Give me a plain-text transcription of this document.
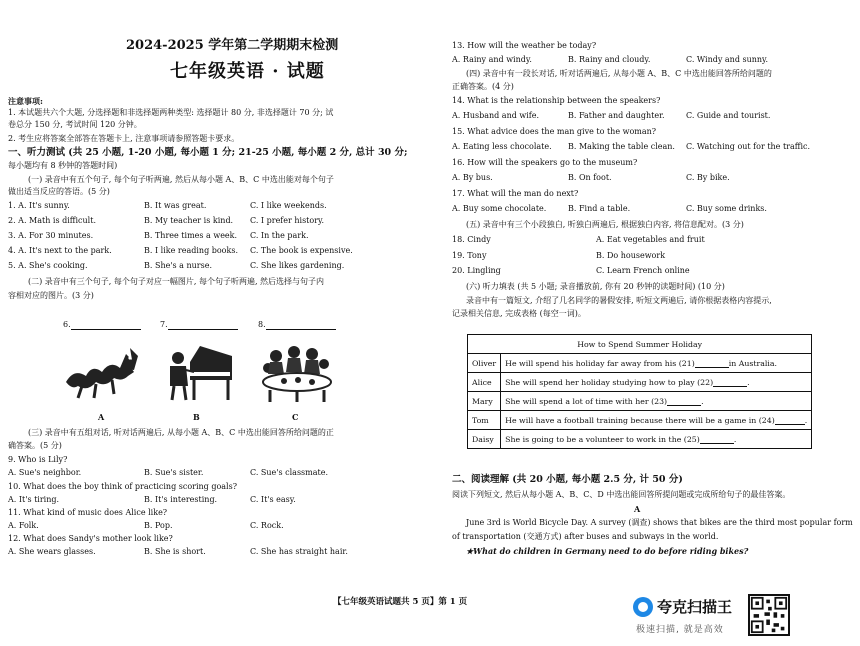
2024-2025 学年第二学期期末检测
七年级英语 · 试题
注意事项:
1. 本试题共六个大题, 分选择题和非选择题两种类型: 选择题计 80 分, 非选择题计 70 分; 试
卷总分 150 分, 考试时间 120 分钟。
2. 考生应将答案全部答在答题卡上, 注意事项请参照答题卡要求。
一、听力测试 (共 25 小题, 1-20 小题, 每小题 1 分; 21-25 小题, 每小题 2 分, 总计 30 分;
每小题均有 8 秒钟的答题时间)
(一) 录音中有五个句子, 每个句子听两遍, 然后从每小题 A、B、C 中选出能对每个句子
做出适当反应的答语。(5 分)
1. A. It's sunny.	B. It was great.	C. I like weekends.
2. A. Math is difficult.	B. My teacher is kind. C. I prefer history.
3. A. For 30 minutes.	B. Three times a week. C. In the park.
4. A. It's next to the park.	B. I like reading books. C. The book is expensive.
5. A. She's cooking.	B. She's a nurse.	C. She likes gardening.
(二) 录音中有三个句子, 每个句子对应一幅图片, 每个句子听两遍, 然后选择与句子内
容相对应的图片。(3 分)
6.	7.	8.
A	B	C
(三) 录音中有五组对话, 听对话两遍后, 从每小题 A、B、C 中选出能回答所给问题的正
确答案。(5 分)
9. Who is Lily?
A. Sue's neighbor.	B. Sue's sister.	C. Sue's classmate.
10. What does the boy think of practicing scoring goals?
A. It's tiring.	B. It's interesting.	C. It's easy.
11. What kind of music does Alice like?
A. Folk.	B. Pop.	C. Rock.
12. What does Sandy's mother look like?
A. She wears glasses.	B. She is short.	C. She has straight hair.
13. How will the weather be today?
A. Rainy and windy.	B. Rainy and cloudy.	C. Windy and sunny.
(四) 录音中有一段长对话, 听对话两遍后, 从每小题 A、B、C 中选出能回答所给问题的
正确答案。(4 分)
14. What is the relationship between the speakers?
A. Husband and wife.	B. Father and daughter.	C. Guide and tourist.
15. What advice does the man give to the woman?
A. Eating less chocolate. B. Making the table clean. C. Watching out for the traffic.
16. How will the speakers go to the museum?
A. By bus.	B. On foot.	C. By bike.
17. What will the man do next?
A. Buy some chocolate.	B. Find a table.	C. Buy some drinks.
(五) 录音中有三个小段独白, 听独白两遍后, 根据独白内容, 将信息配对。(3 分)
18. Cindy	A. Eat vegetables and fruit
19. Tony	B. Do housework
20. Lingling	C. Learn French online
(六) 听力填表 (共 5 小题; 录音播放前, 你有 20 秒钟的读题时间) (10 分)
录音中有一篇短文, 介绍了几名同学的暑假安排, 听短文两遍后, 请你根据表格内容提示,
记录相关信息, 完成表格 (每空一词)。
How to Spend Summer Holiday	
Oliver	He will spend his holiday far away from his (21) in Australia.
Alice	She will spend her holiday studying how to play (22) .
Mary	She will spend a lot of time with her (23) .
Tom	He will have a football training because there will be a game in (24) .
Daisy	She is going to be a volunteer to work in the (25) .
二、阅读理解 (共 20 小题, 每小题 2.5 分, 计 50 分)
阅读下列短文, 然后从每小题 A、B、C、D 中选出能回答所提问题或完成所给句子的最佳答案。
A
June 3rd is World Bicycle Day. A survey (调查) shows that bikes are the third most popular form
of transportation (交通方式) after buses and subways in the world.
★What do children in Germany need to do before riding bikes?
【七年级英语试题共 5 页】第 1 页	夸克扫描王
极速扫描, 就是高效
